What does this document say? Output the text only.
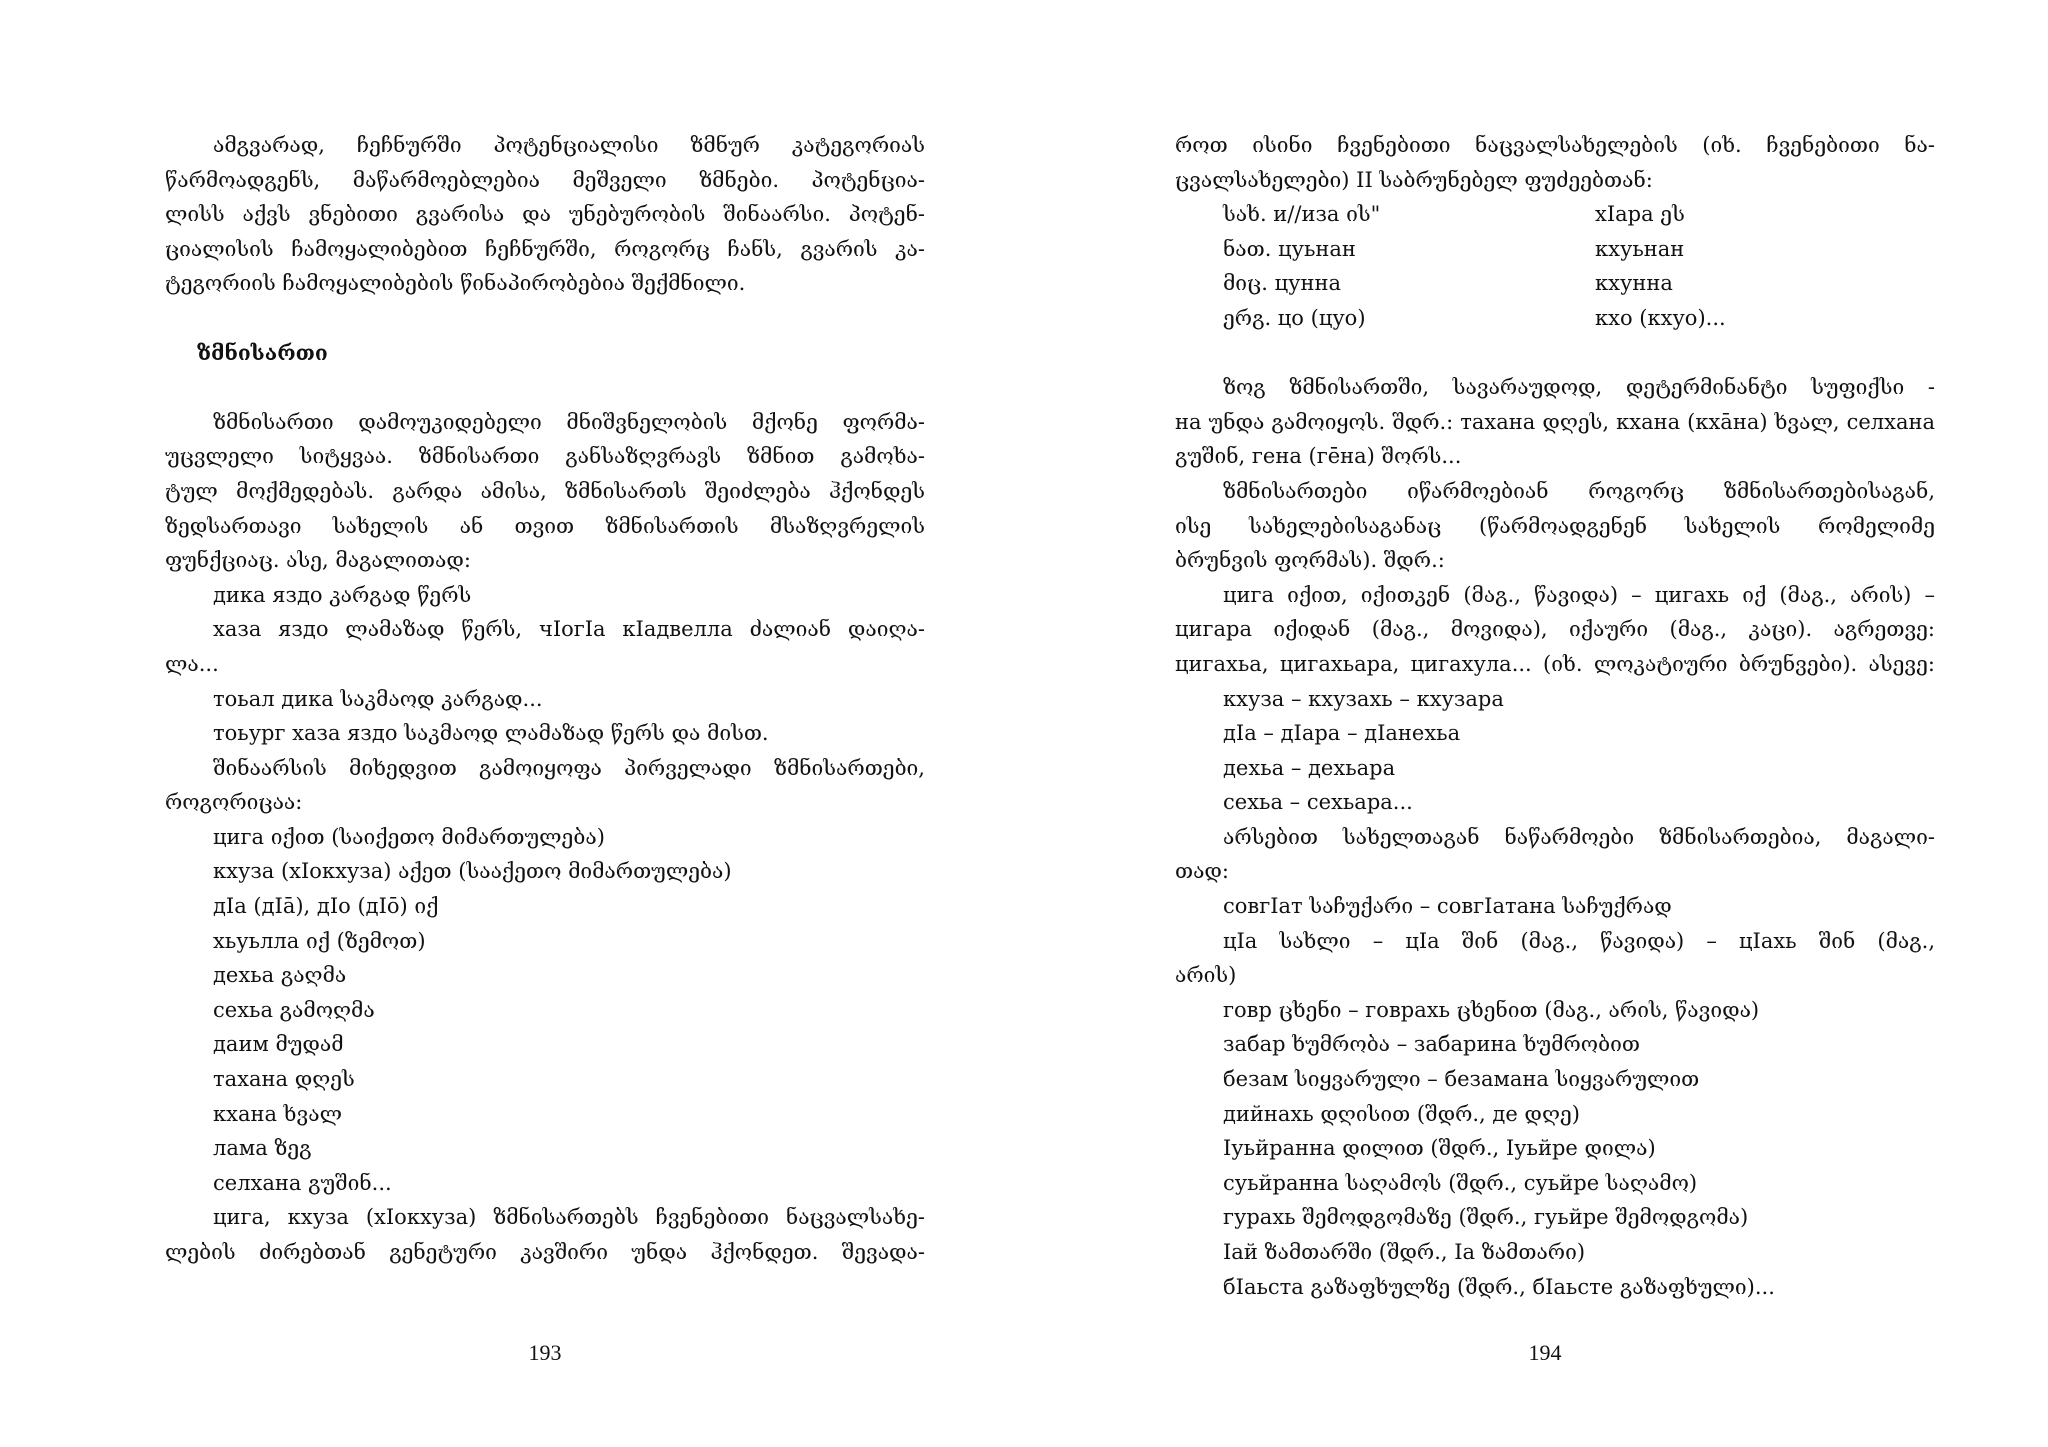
ამგვარად, ჩეჩნურში პოტენციალისი ზმნურ კატეგორიას
წარმოადგენს, მაწარმოებლებია მეშველი ზმნები. პოტენცია-
ლისს აქვს ვნებითი გვარისა და უნებურობის შინაარსი. პოტენ-
ციალისის ჩამოყალიბებით ჩეჩნურში, როგორც ჩანს, გვარის კა-
ტეგორიის ჩამოყალიბების წინაპირობებია შექმნილი.
ზმნისართი
ზმნისართი დამოუკიდებელი მნიშვნელობის მქონე ფორმა-
უცვლელი სიტყვაა. ზმნისართი განსაზღვრავს ზმნით გამოხა-
ტულ მოქმედებას. გარდა ამისა, ზმნისართს შეიძლება ჰქონდეს
ზედსართავი სახელის ან თვით ზმნისართის მსაზღვრელის
ფუნქციაც. ასე, მაგალითად:
дика яздо კარგად წერს
хаза яздо ლამაზად წერს, чIогIа кIадвелла ძალიან დაიღა-
ლა...
тоьал дика საკმაოდ კარგად...
тоьург хаза яздо საკმაოდ ლამაზად წერს და მისთ.
შინაარსის მიხედვით გამოიყოფა პირველადი ზმნისართები,
როგორიცაა:
цига იქით (საიქეთო მიმართულება)
кхуза (хIокхуза) აქეთ (სააქეთო მიმართულება)
дIа (дIā), дIо (дIō) იქ
хьуьлла იქ (ზემოთ)
дехьа გაღმა
сехьа გამოღმა
даим მუდამ
тахана დღეს
кхана ხვალ
лама ზეგ
селхана გუშინ...
цига, кхуза (хIокхуза) ზმნისართებს ჩვენებითი ნაცვალსახე-
ლების ძირებთან გენეტური კავშირი უნდა ჰქონდეთ. შევადა-
როთ ისინი ჩვენებითი ნაცვალსახელების (იხ. ჩვენებითი ნა-
ცვალსახელები) II საბრუნებელ ფუძეებთან:
სახ. и//иза ის"	хIара ეს
ნათ. цуьнан	кхуьнан
მიც. цунна	кхунна
ერგ. цо (цуо)	кхо (кхуо)...
ზოგ ზმნისართში, სავარაუდოდ, დეტერმინანტი სუფიქსი -
на უნდა გამოიყოს. შდრ.: тахана დღეს, кхана (кхāна) ხვალ, селхана
გუშინ, гена (гēна) შორს...
ზმნისართები იწარმოებიან როგორც ზმნისართებისაგან,
ისე სახელებისაგანაც (წარმოადგენენ სახელის რომელიმე
ბრუნვის ფორმას). შდრ.:
цига იქით, იქითკენ (მაგ., წავიდა) – цигахь იქ (მაგ., არის) –
цигара იქიდან (მაგ., მოვიდა), იქაური (მაგ., კაცი). აგრეთვე:
цигахьа, цигахьара, цигахула... (იხ. ლოკატიური ბრუნვები). ასევე:
кхуза – кхузахь – кхузара
дIа – дIара – дIанехьа
дехьа – дехьара
сехьа – сехьара...
არსებით სახელთაგან ნაწარმოები ზმნისართებია, მაგალი-
თად:
совгIат საჩუქარი – совгIатана საჩუქრად
цIа სახლი – цIа შინ (მაგ., წავიდა) – цIахь შინ (მაგ.,
არის)
говр ცხენი – говрахь ცხენით (მაგ., არის, წავიდა)
забар ხუმრობა – забарина ხუმრობით
безам სიყვარული – безамана სიყვარულით
дийнахь დღისით (შდრ., де დღე)
Iуьйранна დილით (შდრ., Iуьйре დილა)
суьйранна საღამოს (შდრ., суьйре საღამო)
гурахь შემოდგომაზე (შდრ., гуьйре შემოდგომა)
Iай ზამთარში (შდრ., Ia ზამთარი)
бIаьста გაზაფხულზე (შდრ., бIаьсте გაზაფხული)...
193	194
